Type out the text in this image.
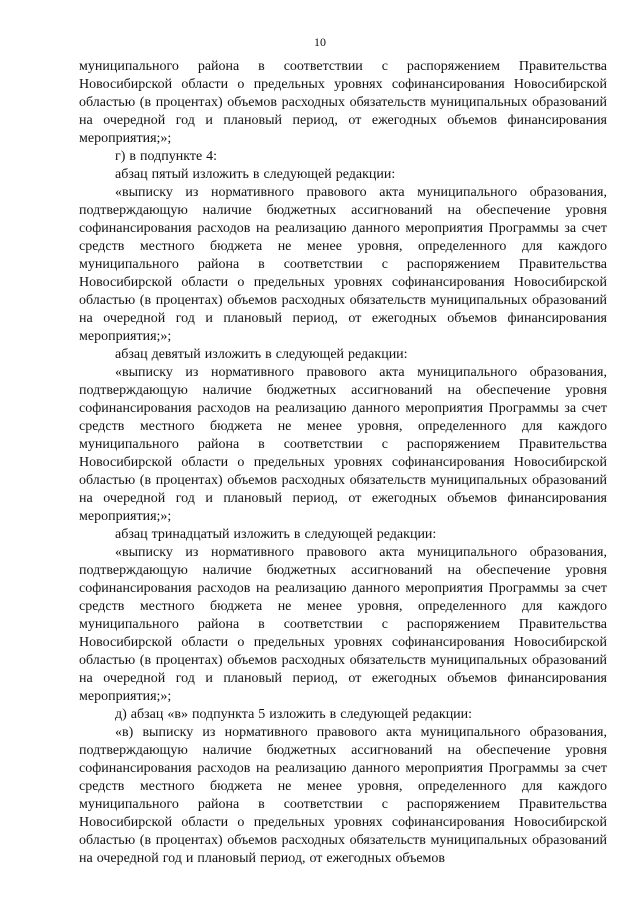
10

муниципального района в соответствии с распоряжением Правительства Новосибирской области о предельных уровнях софинансирования Новосибирской областью (в процентах) объемов расходных обязательств муниципальных образований на очередной год и плановый период, от ежегодных объемов финансирования мероприятия;»;

г) в подпункте 4:

абзац пятый изложить в следующей редакции:

«выписку из нормативного правового акта муниципального образования, подтверждающую наличие бюджетных ассигнований на обеспечение уровня софинансирования расходов на реализацию данного мероприятия Программы за счет средств местного бюджета не менее уровня, определенного для каждого муниципального района в соответствии с распоряжением Правительства Новосибирской области о предельных уровнях софинансирования Новосибирской областью (в процентах) объемов расходных обязательств муниципальных образований на очередной год и плановый период, от ежегодных объемов финансирования мероприятия;»;

абзац девятый изложить в следующей редакции:

«выписку из нормативного правового акта муниципального образования, подтверждающую наличие бюджетных ассигнований на обеспечение уровня софинансирования расходов на реализацию данного мероприятия Программы за счет средств местного бюджета не менее уровня, определенного для каждого муниципального района в соответствии с распоряжением Правительства Новосибирской области о предельных уровнях софинансирования Новосибирской областью (в процентах) объемов расходных обязательств муниципальных образований на очередной год и плановый период, от ежегодных объемов финансирования мероприятия;»;

абзац тринадцатый изложить в следующей редакции:

«выписку из нормативного правового акта муниципального образования, подтверждающую наличие бюджетных ассигнований на обеспечение уровня софинансирования расходов на реализацию данного мероприятия Программы за счет средств местного бюджета не менее уровня, определенного для каждого муниципального района в соответствии с распоряжением Правительства Новосибирской области о предельных уровнях софинансирования Новосибирской областью (в процентах) объемов расходных обязательств муниципальных образований на очередной год и плановый период, от ежегодных объемов финансирования мероприятия;»;

д) абзац «в» подпункта 5 изложить в следующей редакции:

«в) выписку из нормативного правового акта муниципального образования, подтверждающую наличие бюджетных ассигнований на обеспечение уровня софинансирования расходов на реализацию данного мероприятия Программы за счет средств местного бюджета не менее уровня, определенного для каждого муниципального района в соответствии с распоряжением Правительства Новосибирской области о предельных уровнях софинансирования Новосибирской областью (в процентах) объемов расходных обязательств муниципальных образований на очередной год и плановый период, от ежегодных объемов
